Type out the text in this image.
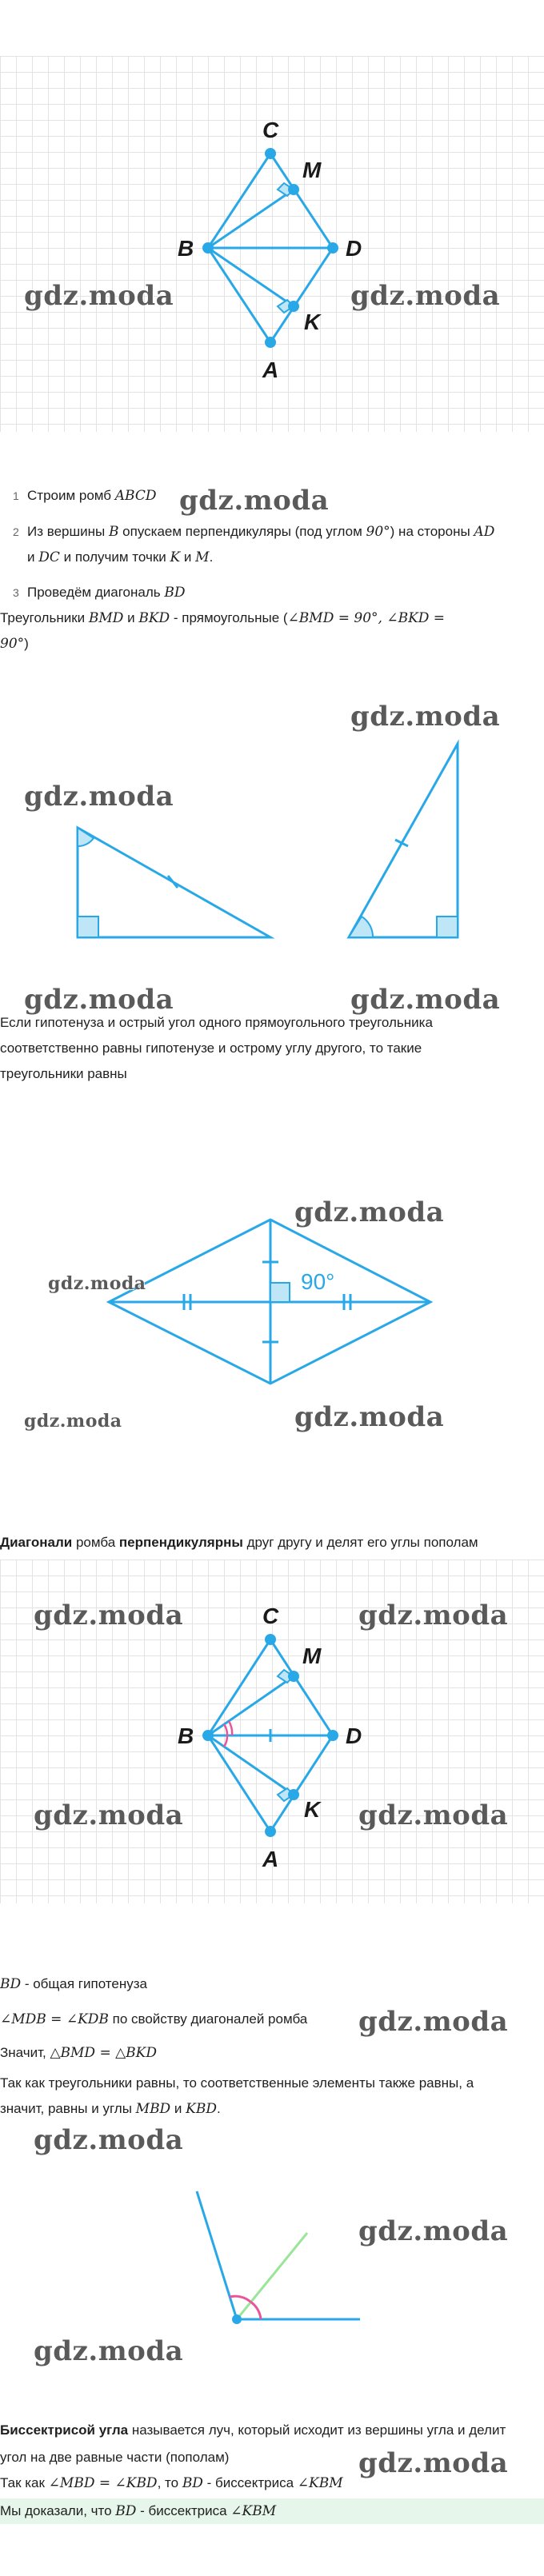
C
M
B	D
K
A
gdz.moda	gdz.moda
gdz.moda
1 Строим ромб ABCD
2 Из вершины B опускаем перпендикуляры (под углом 90°) на стороны AD
и DC и получим точки K и M.
3 Проведём диагональ BD
Треугольники BMD и BKD - прямоугольные (∠BMD = 90°, ∠BKD =
90°)
gdz.moda
gdz.moda
gdz.moda	gdz.moda
Если гипотенуза и острый угол одного прямоугольного треугольника
соответственно равны гипотенузе и острому углу другого, то такие
треугольники равны
90°
gdz.moda
gdz.moda
gdz.moda
gdz.moda
Диагонали ромба перпендикулярны друг другу и делят его углы пополам
C
M
B	D
K
A
gdz.moda	gdz.moda
gdz.moda	gdz.moda
BD - общая гипотенуза
gdz.moda
∠MDB = ∠KDB по свойству диагоналей ромба
Значит, △BMD = △BKD
Так как треугольники равны, то соответственные элементы также равны, а
значит, равны и углы MBD и KBD.
gdz.moda
gdz.moda
gdz.moda
Биссектрисой угла называется луч, который исходит из вершины угла и делит
gdz.moda
угол на две равные части (пополам)
Так как ∠MBD = ∠KBD, то BD - биссектриса ∠KBM
Мы доказали, что BD - биссектриса ∠KBM
